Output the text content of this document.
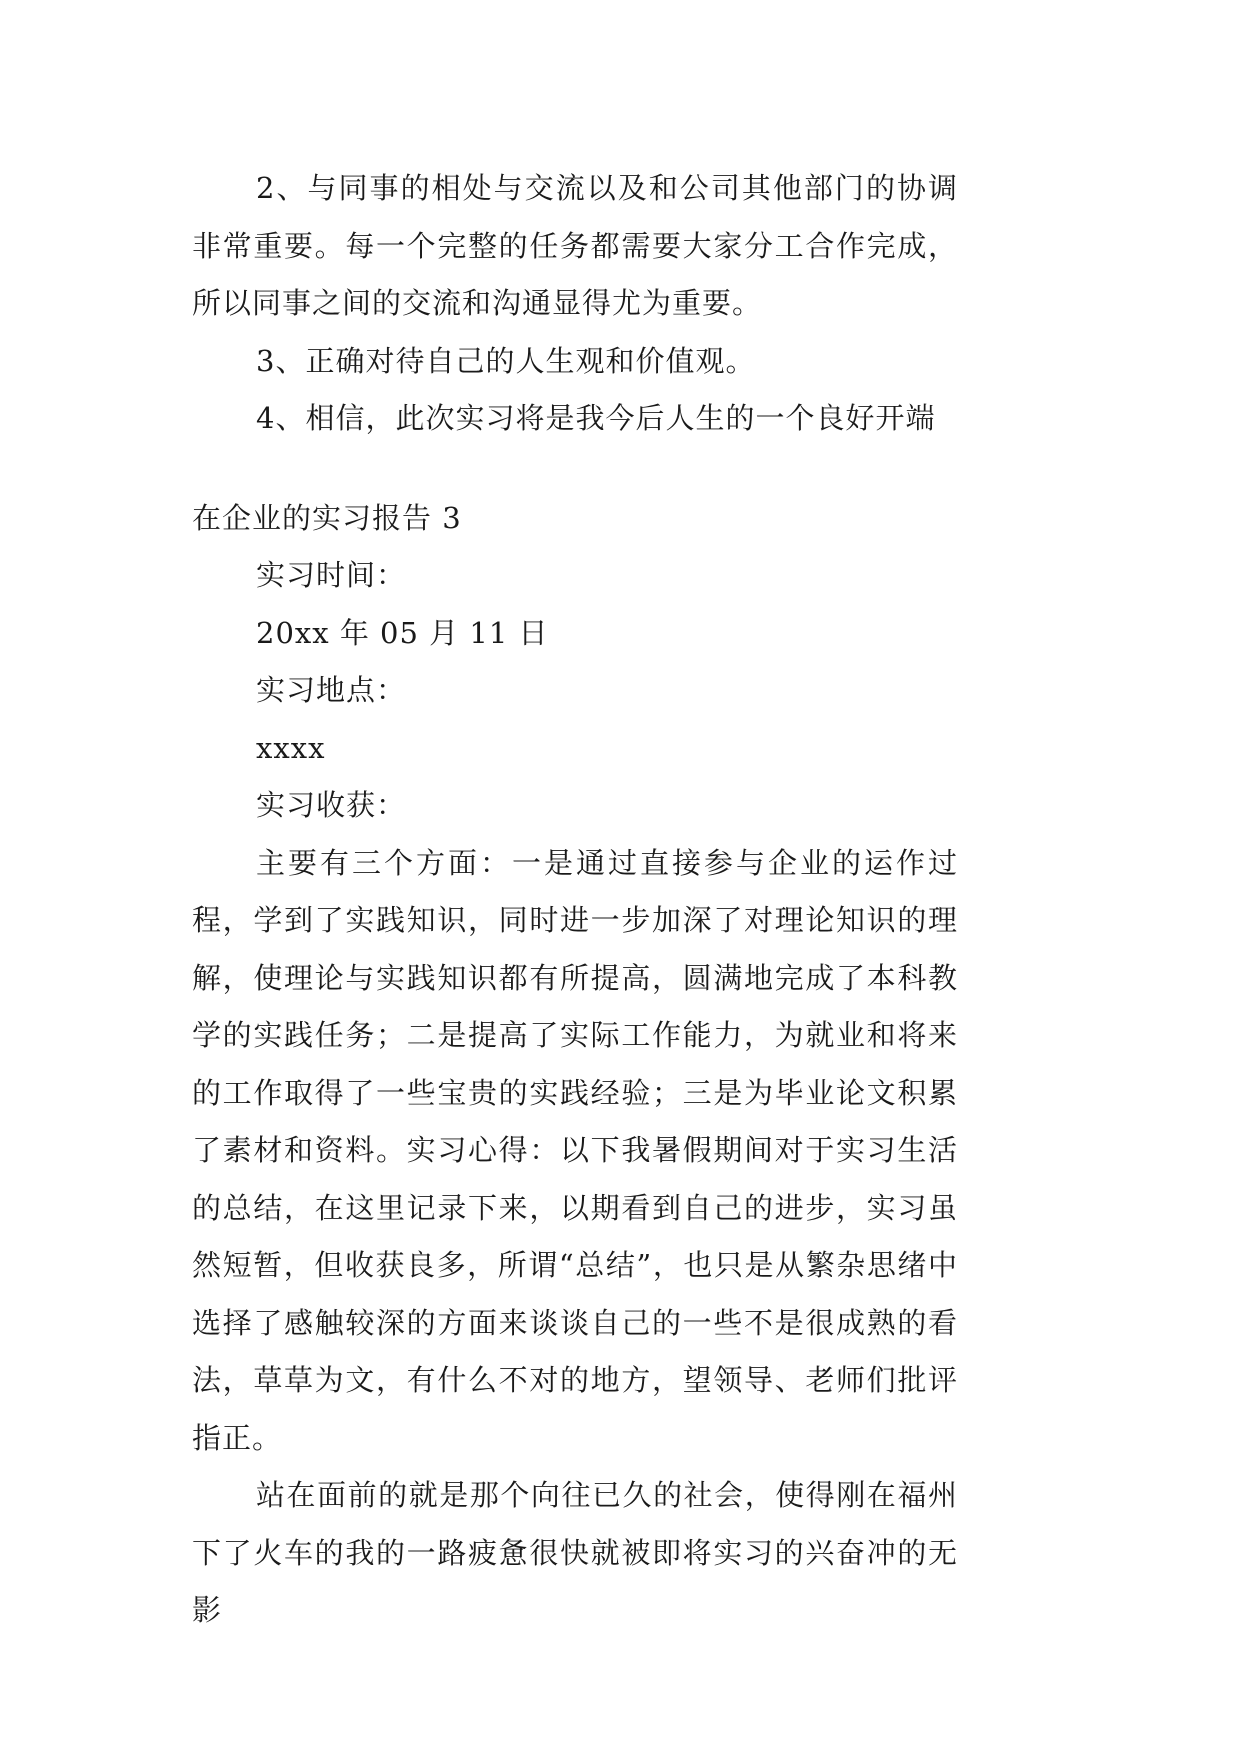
2、与同事的相处与交流以及和公司其他部门的协调非常重要。每一个完整的任务都需要大家分工合作完成，所以同事之间的交流和沟通显得尤为重要。

3、正确对待自己的人生观和价值观。

4、相信，此次实习将是我今后人生的一个良好开端

在企业的实习报告 3

实习时间：

20xx 年 05 月 11 日

实习地点：

xxxx

实习收获：

主要有三个方面：一是通过直接参与企业的运作过程，学到了实践知识，同时进一步加深了对理论知识的理解，使理论与实践知识都有所提高，圆满地完成了本科教学的实践任务；二是提高了实际工作能力，为就业和将来的工作取得了一些宝贵的实践经验；三是为毕业论文积累了素材和资料。实习心得：以下我暑假期间对于实习生活的总结，在这里记录下来，以期看到自己的进步，实习虽然短暂，但收获良多，所谓“总结”，也只是从繁杂思绪中选择了感触较深的方面来谈谈自己的一些不是很成熟的看法，草草为文，有什么不对的地方，望领导、老师们批评指正。

站在面前的就是那个向往已久的社会，使得刚在福州下了火车的我的一路疲惫很快就被即将实习的兴奋冲的无影
